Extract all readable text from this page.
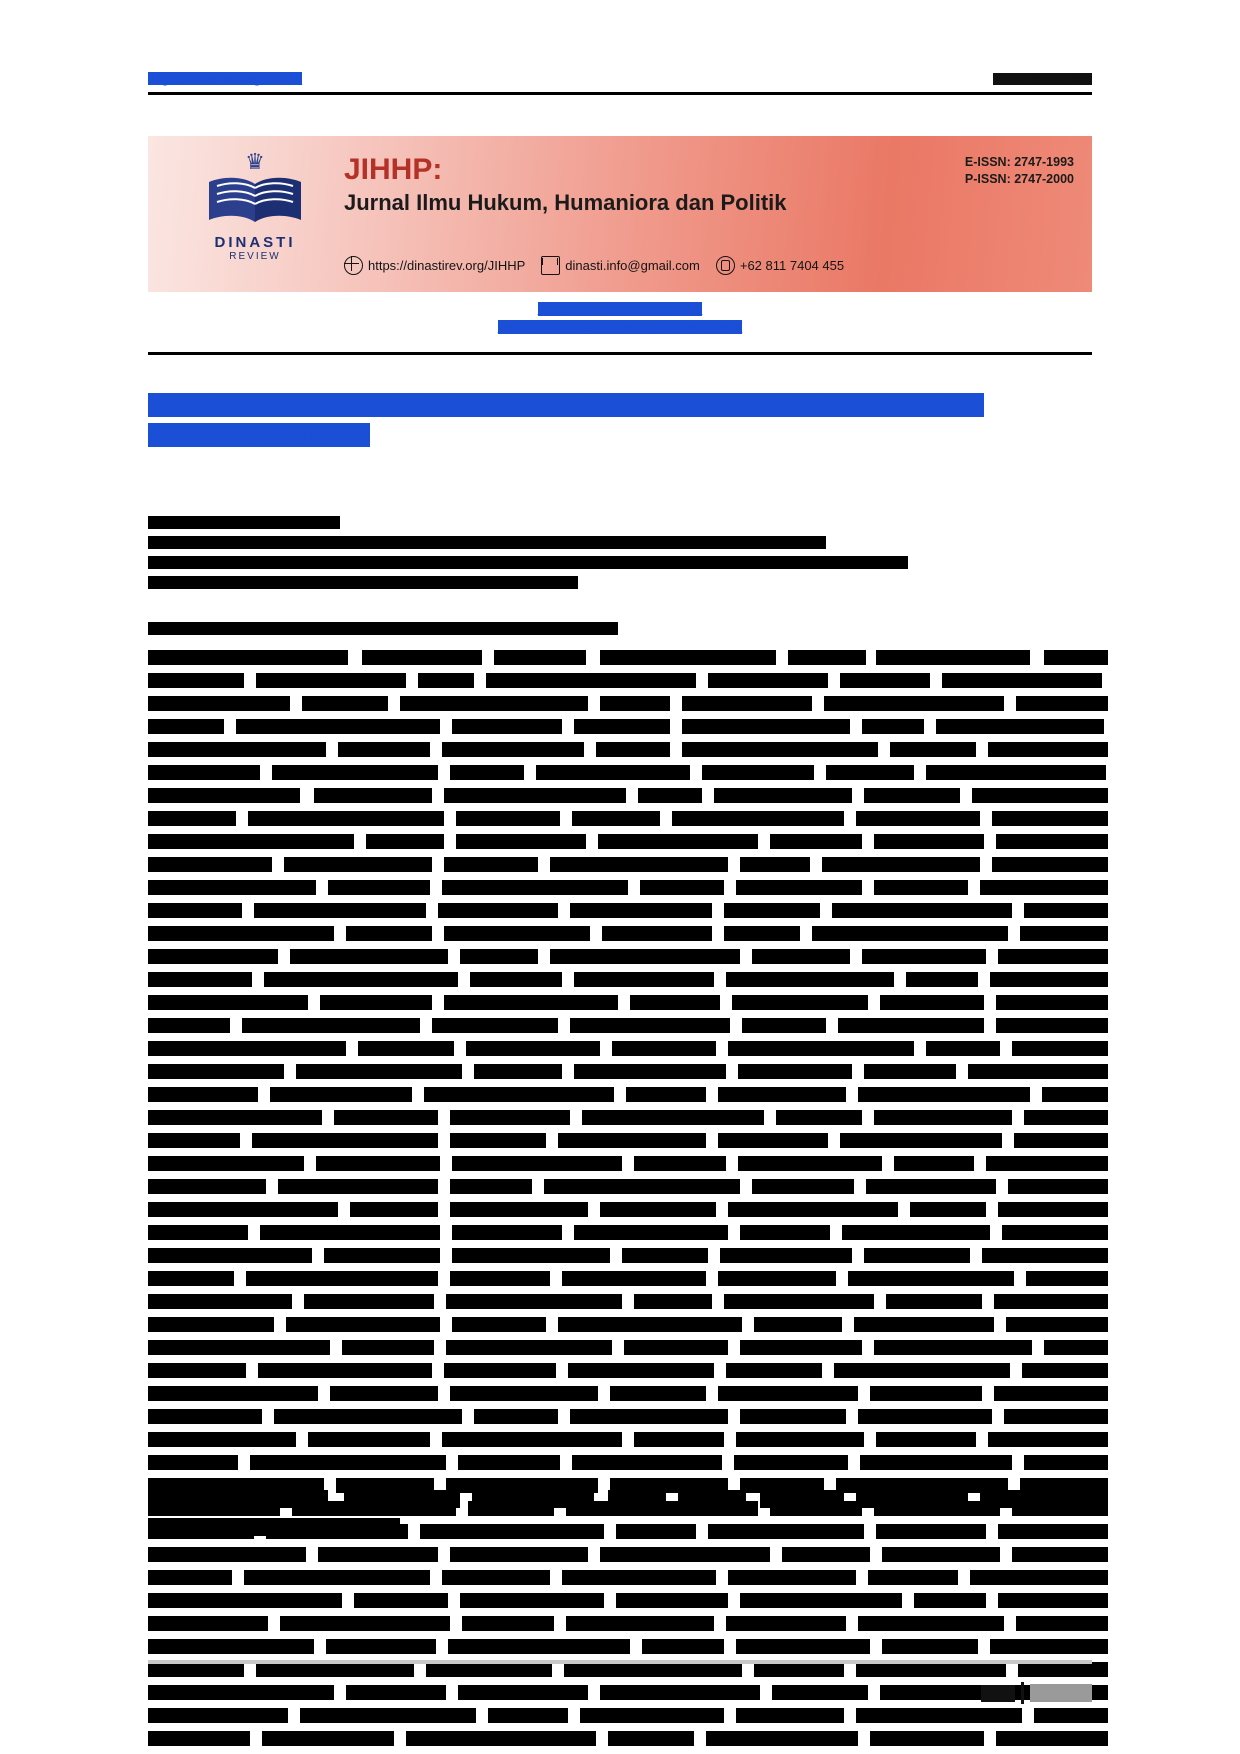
https://dinastirev.org/JIHHP	Vol. 5, No. 4, 2025
♛
DINASTI
REVIEW
JIHHP:
Jurnal Ilmu Hukum, Humaniora dan Politik
https://dinastirev.org/JIHHP	dinasti.info@gmail.com	+62 811 7404 455
E-ISSN: 2747-1993
P-ISSN: 2747-2000
https://doi.org/10.38035/jihhp
https://creativecommons.org/licenses/by/4.0/
Peran Hukum Administrasi Kesehatan dalam Pengawasan Asuransi Kesehatan Pemerintah dan Swasta di Indonesia
